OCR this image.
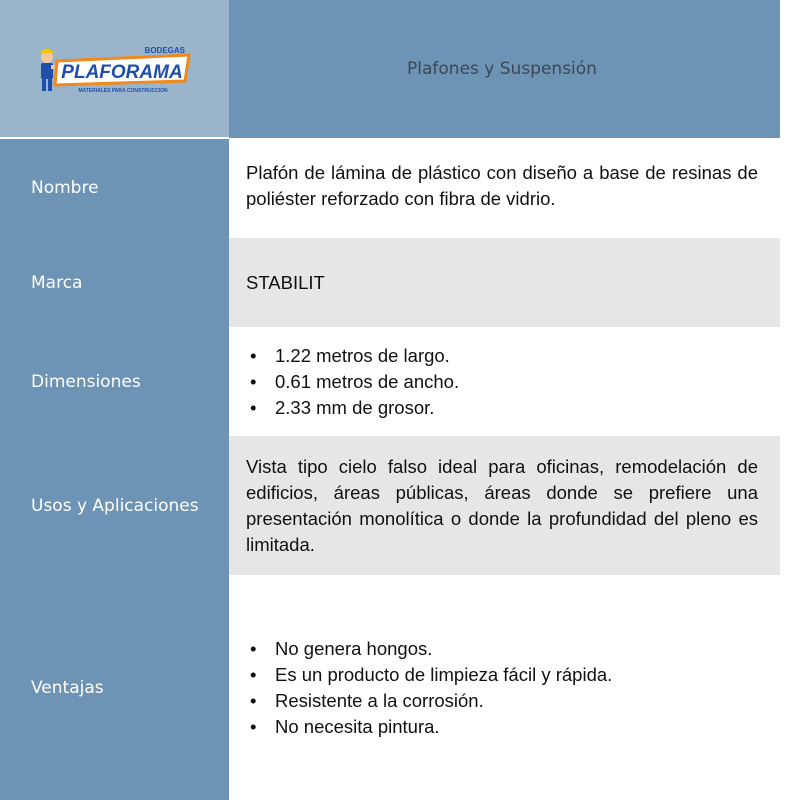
BODEGAS
PLAFORAMA
MATERIALES PARA CONSTRUCCION
Plafones y Suspensión
Nombre

Plafón de lámina de plástico con diseño a base de resinas de poliéster reforzado con fibra de vidrio.

Marca	STABILIT

Dimensiones
• 1.22 metros de largo.
• 0.61 metros de ancho.
• 2.33 mm de grosor.
Usos y Aplicaciones

Vista tipo cielo falso ideal para oficinas, remodelación de edificios, áreas públicas, áreas donde se prefiere una presentación monolítica o donde la profundidad del pleno es limitada.

Ventajas
• No genera hongos.
• Es un producto de limpieza fácil y rápida.
• Resistente a la corrosión.
• No necesita pintura.
